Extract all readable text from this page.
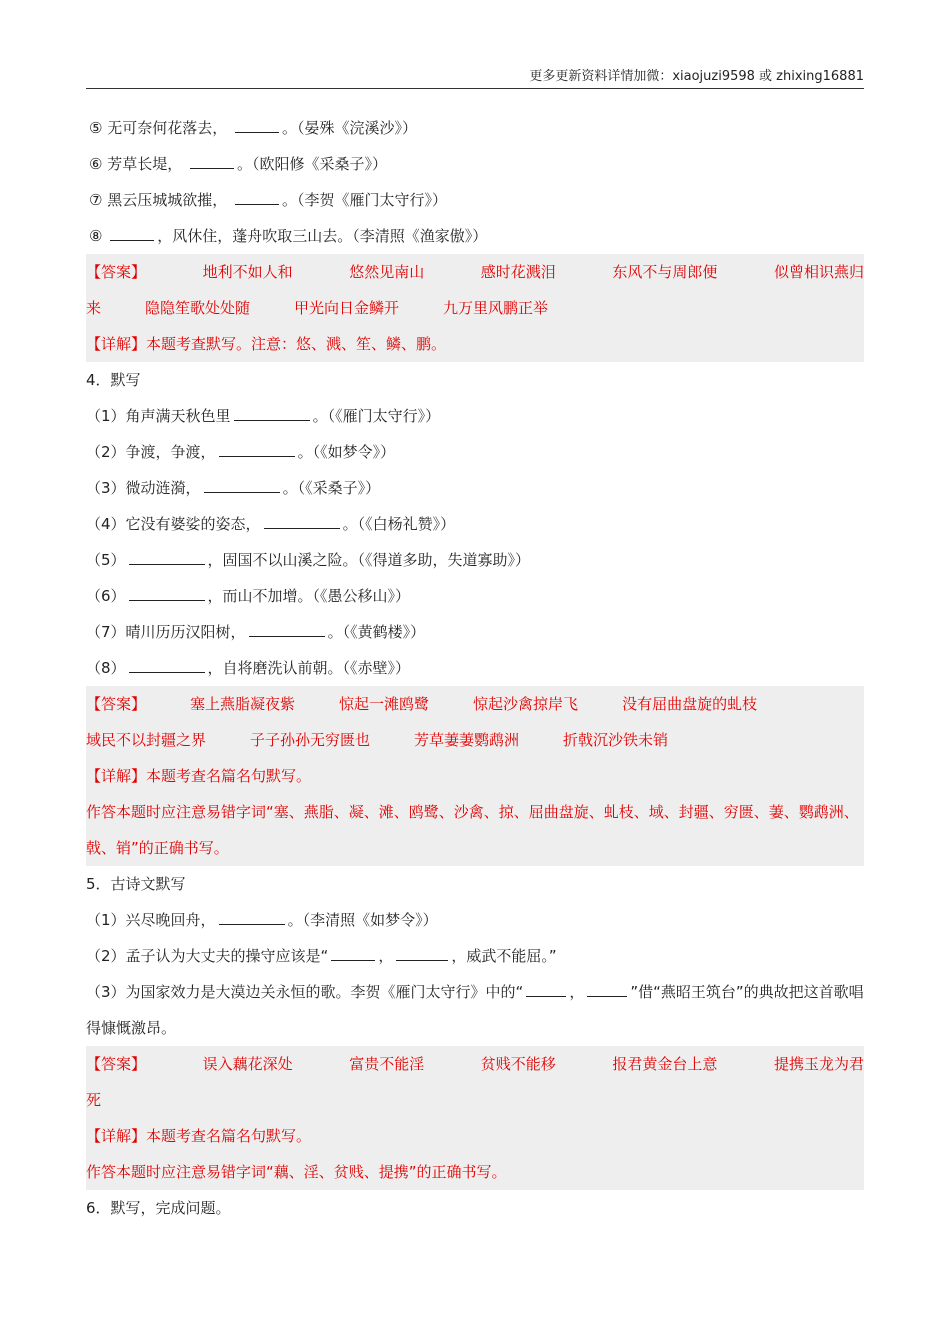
更多更新资料详情加微：xiaojuzi9598 或 zhixing16881
⑤ 无可奈何花落去，	。（晏殊《浣溪沙》）
⑥ 芳草长堤，	。（欧阳修《采桑子》）
⑦ 黑云压城城欲摧，	。（李贺《雁门太守行》）
⑧	，风休住，蓬舟吹取三山去。（李清照《渔家傲》）
【答案】	地利不如人和	悠然见南山	感时花溅泪	东风不与周郎便	似曾相识燕归
来	隐隐笙歌处处随	甲光向日金鳞开	九万里风鹏正举
【详解】本题考查默写。注意：悠、溅、笙、鳞、鹏。
4．默写
（1）角声满天秋色里	。（《雁门太守行》）
（2）争渡，争渡，	。（《如梦令》）
（3）微动涟漪，	。（《采桑子》）
（4）它没有婆娑的姿态，	。（《白杨礼赞》）
（5）	，固国不以山溪之险。（《得道多助，失道寡助》）
（6）	，而山不加增。（《愚公移山》）
（7）晴川历历汉阳树，	。（《黄鹤楼》）
（8）	，自将磨洗认前朝。（《赤壁》）
【答案】	塞上燕脂凝夜紫	惊起一滩鸥鹭	惊起沙禽掠岸飞	没有屈曲盘旋的虬枝
域民不以封疆之界	子子孙孙无穷匮也	芳草萋萋鹦鹉洲	折戟沉沙铁未销
【详解】本题考查名篇名句默写。
作答本题时应注意易错字词“塞、燕脂、凝、滩、鸥鹭、沙禽、掠、屈曲盘旋、虬枝、域、封疆、穷匮、萋、鹦鹉洲、戟、销”的正确书写。
5．古诗文默写
（1）兴尽晚回舟，	。（李清照《如梦令》）
（2）孟子认为大丈夫的操守应该是“	，	，威武不能屈。”
（3）为国家效力是大漠边关永恒的歌。李贺《雁门太守行》中的“	，	”借“燕昭王筑台”的典故把这首歌唱得慷慨激昂。
【答案】	误入藕花深处	富贵不能淫	贫贱不能移	报君黄金台上意	提携玉龙为君
死
【详解】本题考查名篇名句默写。
作答本题时应注意易错字词“藕、淫、贫贱、提携”的正确书写。
6．默写，完成问题。
